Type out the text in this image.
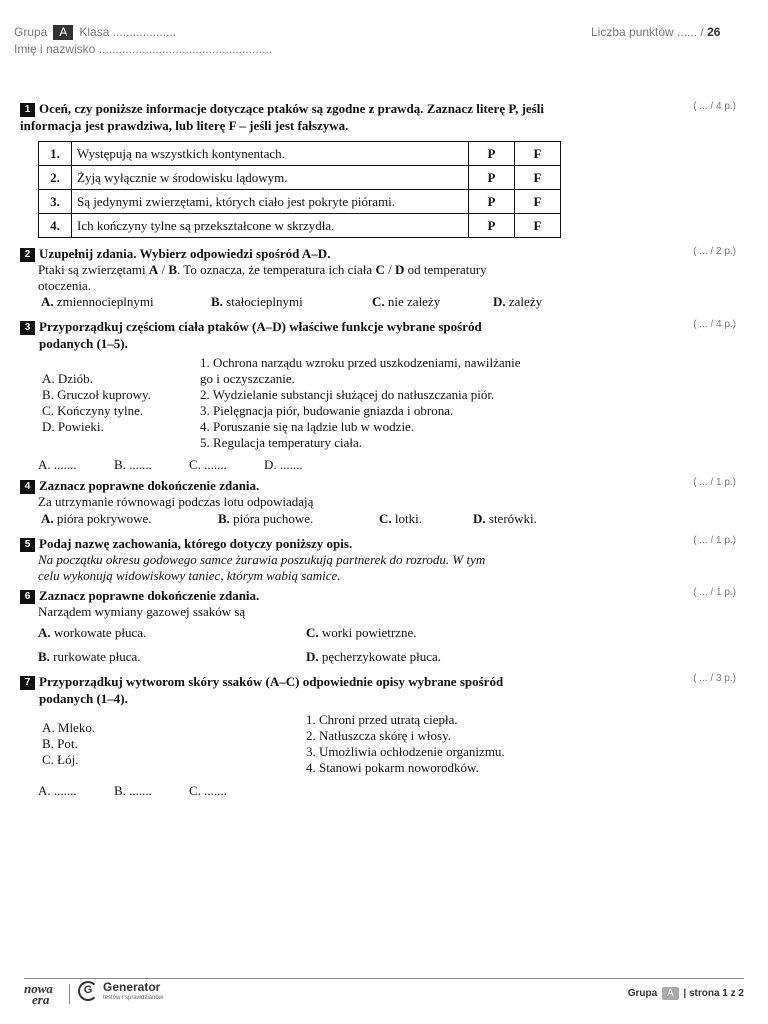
Grupa A Klasa ...................
Imię i nazwisko ....................................................
Liczba punktów ...... / 26
1 Oceń, czy poniższe informacje dotyczące ptaków są zgodne z prawdą. Zaznacz literę P, jeśli informacja jest prawdziwa, lub literę F – jeśli jest fałszywa.
( ... / 4 p.)
1.	Występują na wszystkich kontynentach.	P	F
2.	Żyją wyłącznie w środowisku lądowym.	P	F
3.	Są jedynymi zwierzętami, których ciało jest pokryte piórami.	P	F
4.	Ich kończyny tylne są przekształcone w skrzydła.	P	F
2 Uzupełnij zdania. Wybierz odpowiedzi spośród A–D.	( ... / 2 p.)
Ptaki są zwierzętami A / B. To oznacza, że temperatura ich ciała C / D od temperatury
otoczenia.
A. zmiennocieplnymi	B. stałocieplnymi	C. nie zależy	D. zależy
3 Przyporządkuj częściom ciała ptaków (A–D) właściwe funkcje wybrane spośród
podanych (1–5).
( ... / 4 p.)
A. Dziób.
B. Gruczoł kuprowy.
C. Kończyny tylne.
D. Powieki.
1. Ochrona narządu wzroku przed uszkodzeniami, nawilżanie
go i oczyszczanie.
2. Wydzielanie substancji służącej do natłuszczania piór.
3. Pielęgnacja piór, budowanie gniazda i obrona.
4. Poruszanie się na lądzie lub w wodzie.
5. Regulacja temperatury ciała.
A. .......	B. .......	C. .......	D. .......
4 Zaznacz poprawne dokończenie zdania.	( ... / 1 p.)
Za utrzymanie równowagi podczas lotu odpowiadają
A. pióra pokrywowe.	B. pióra puchowe.	C. lotki.	D. sterówki.
5 Podaj nazwę zachowania, którego dotyczy poniższy opis.	( ... / 1 p.)
Na początku okresu godowego samce żurawia poszukują partnerek do rozrodu. W tym
celu wykonują widowiskowy taniec, którym wabią samice.
6 Zaznacz poprawne dokończenie zdania.	( ... / 1 p.)
Narządem wymiany gazowej ssaków są
A. workowate płuca.
B. rurkowate płuca.
C. worki powietrzne.
D. pęcherzykowate płuca.
7 Przyporządkuj wytworom skóry ssaków (A–C) odpowiednie opisy wybrane spośród
podanych (1–4).
( ... / 3 p.)
A. Mleko.
B. Pot.
C. Łój.
1. Chroni przed utratą ciepła.
2. Natłuszcza skórę i włosy.
3. Umożliwia ochłodzenie organizmu.
4. Stanowi pokarm noworodków.
A. .......	B. .......	C. .......
nowa
era
G Generator
testów i sprawdzianów	Grupa A | strona 1 z 2
